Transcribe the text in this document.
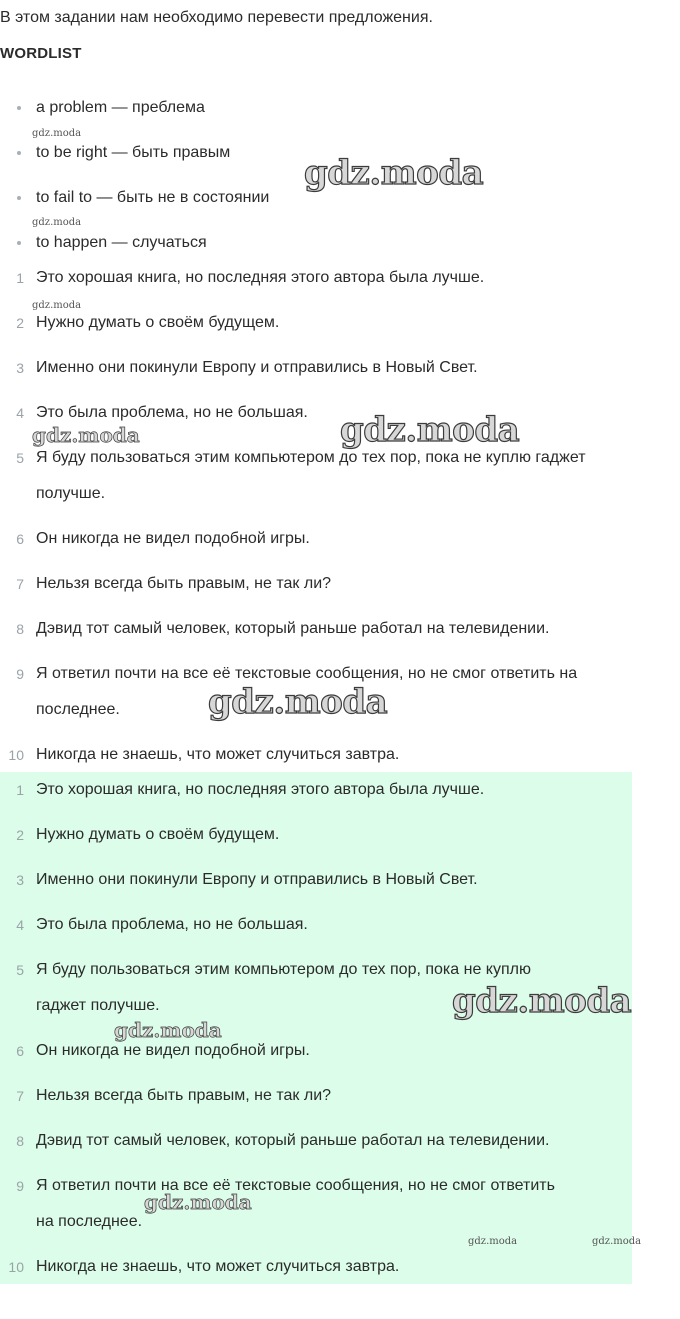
В этом задании нам необходимо перевести предложения.
WORDLIST
a problem — преблема
to be right — быть правым
to fail to — быть не в состоянии
to happen — случаться
1 Это хорошая книга, но последняя этого автора была лучше.
2 Нужно думать о своём будущем.
3 Именно они покинули Европу и отправились в Новый Свет.
4 Это была проблема, но не большая.
5 Я буду пользоваться этим компьютером до тех пор, пока не куплю гаджет
получше.
6 Он никогда не видел подобной игры.
7 Нельзя всегда быть правым, не так ли?
8 Дэвид тот самый человек, который раньше работал на телевидении.
9 Я ответил почти на все её текстовые сообщения, но не смог ответить на
последнее.
10 Никогда не знаешь, что может случиться завтра.
1 Это хорошая книга, но последняя этого автора была лучше.
2 Нужно думать о своём будущем.
3 Именно они покинули Европу и отправились в Новый Свет.
4 Это была проблема, но не большая.
5 Я буду пользоваться этим компьютером до тех пор, пока не куплю
гаджет получше.
6 Он никогда не видел подобной игры.
7 Нельзя всегда быть правым, не так ли?
8 Дэвид тот самый человек, который раньше работал на телевидении.
9 Я ответил почти на все её текстовые сообщения, но не смог ответить
на последнее.
10 Никогда не знаешь, что может случиться завтра.
gdz.moda
gdz.moda
gdz.moda
gdz.moda
gdz.moda	gdz.moda
gdz.moda
gdz.moda
gdz.moda
gdz.moda
gdz.moda	gdz.moda
